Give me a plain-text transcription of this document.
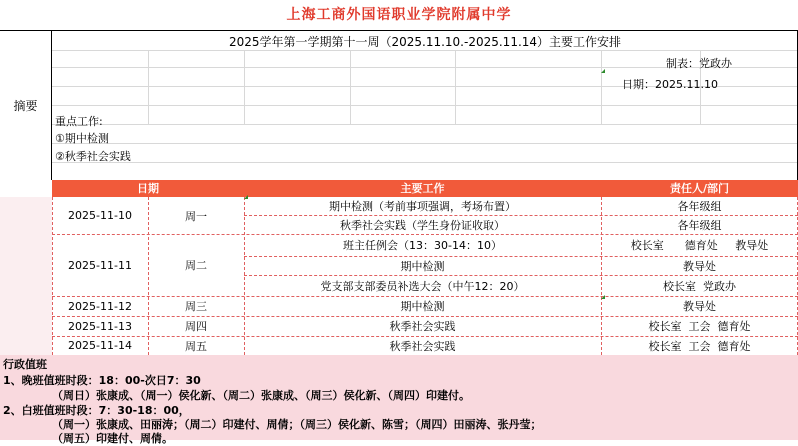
上海工商外国语职业学院附属中学
摘要
2025学年第一学期第十一周（2025.11.10.-2025.11.14）主要工作安排
制表：党政办
日期：2025.11.10
重点工作:
①期中检测
②秋季社会实践
日期	主要工作	责任人/部门
2025-11-10	周一
期中检测（考前事项强调，考场布置）	各年级组
秋季社会实践（学生身份证收取）	各年级组
2025-11-11	周二
班主任例会（13：30-14：10）	校长室      德育处     教导处
期中检测	教导处
党支部支部委员补选大会（中午12：20）	校长室  党政办
2025-11-12	周三	期中检测	教导处
2025-11-13	周四	秋季社会实践	校长室  工会  德育处
2025-11-14	周五	秋季社会实践	校长室  工会  德育处
行政值班
1、晚班值班时段：18：00-次日7：30
（周日）张康成、（周一）侯化新、（周二）张康成、（周三）侯化新、（周四）印建付。
2、白班值班时段：7：30-18：00，
（周一）张康成、田丽涛；（周二）印建付、周倩；（周三）侯化新、陈雪；（周四）田丽涛、张丹莹；
（周五）印建付、周倩。
